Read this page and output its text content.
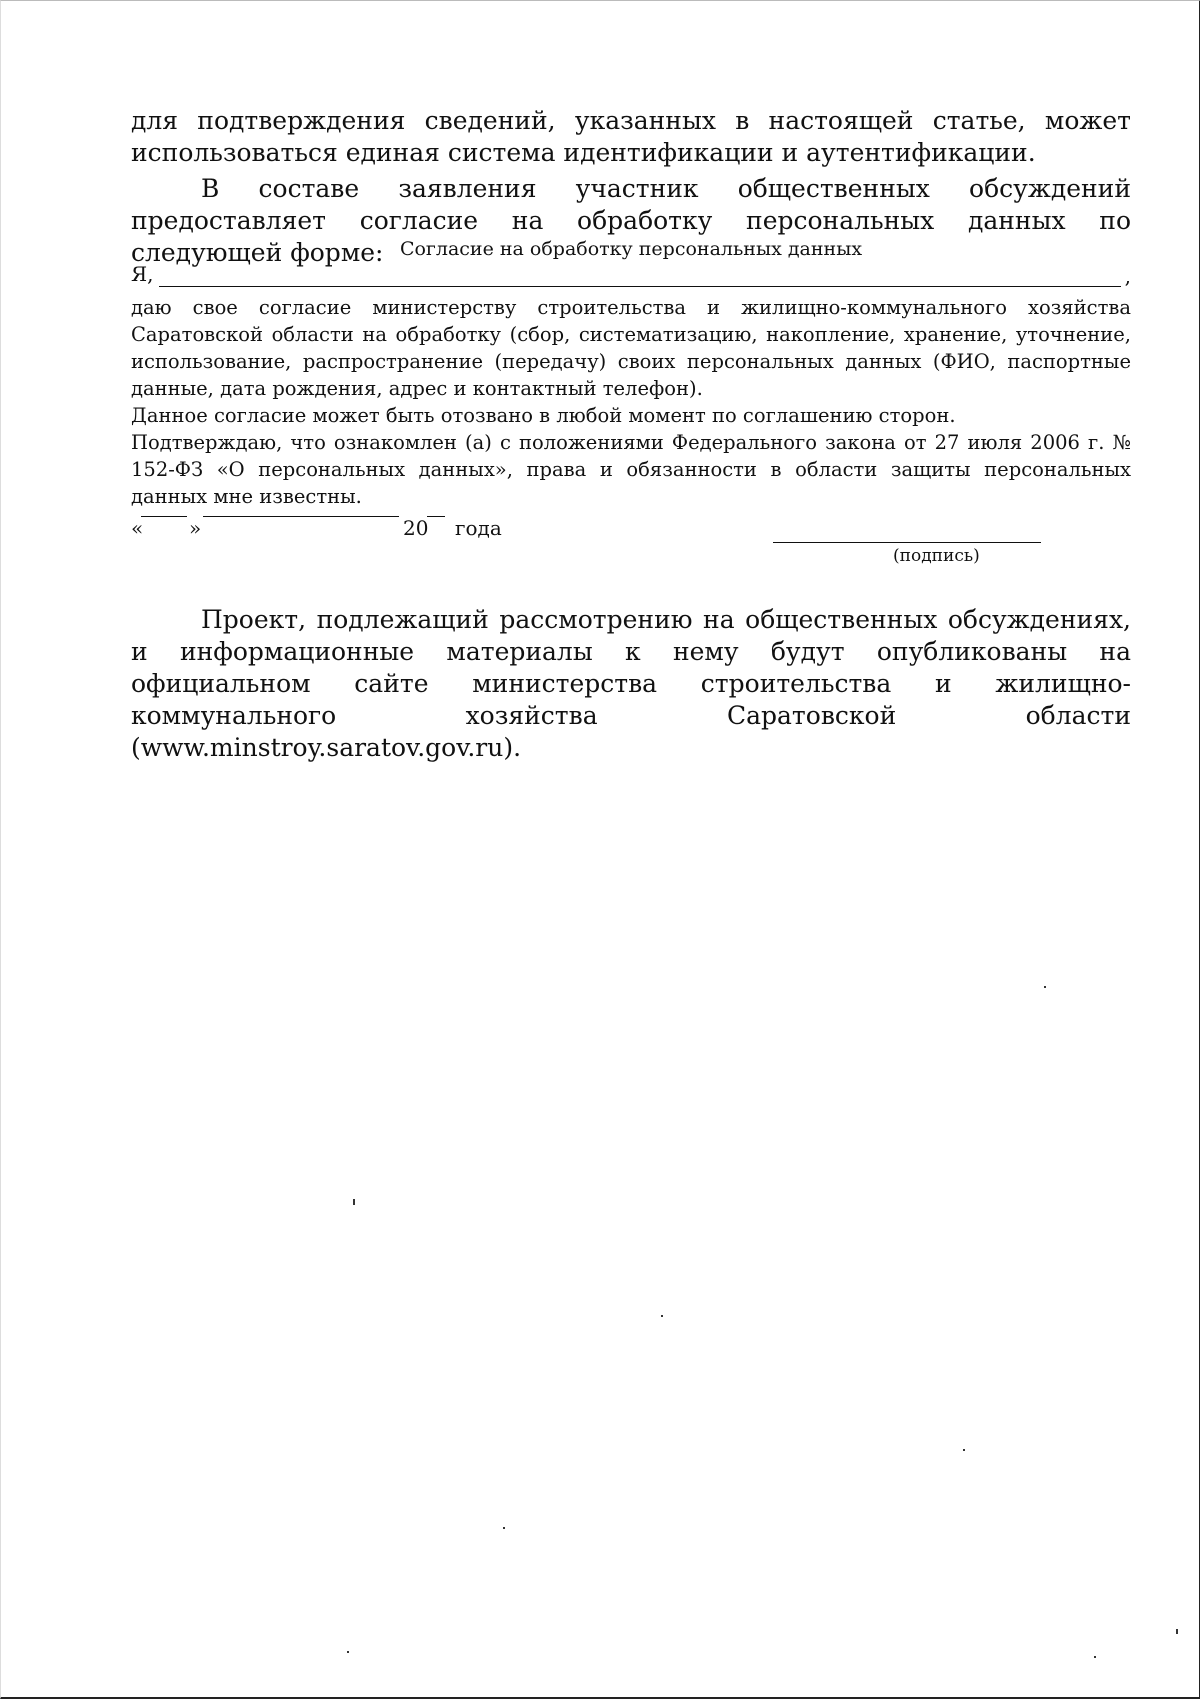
для подтверждения сведений, указанных в настоящей статье, может

использоваться единая система идентификации и аутентификации.

В составе заявления участник общественных обсуждений предоставляет согласие на обработку персональных данных по следующей форме: Согласие на обработку персональных данных

Я,	,

даю свое согласие министерству строительства и жилищно-коммунального хозяйства Саратовской области на обработку (сбор, систематизацию, накопление, хранение, уточнение, использование, распространение (передачу) своих персональных данных (ФИО, паспортные данные, дата рождения, адрес и контактный телефон).

Данное согласие может быть отозвано в любой момент по соглашению сторон.

Подтверждаю, что ознакомлен (а) с положениями Федерального закона от 27 июля 2006 г. № 152-ФЗ «О персональных данных», права и обязанности в области защиты персональных данных мне известны.

« »	20 года
(подпись)

Проект, подлежащий рассмотрению на общественных обсуждениях, и информационные материалы к нему будут опубликованы на официальном сайте министерства строительства и жилищно-коммунального хозяйства Саратовской области (www.minstroy.saratov.gov.ru).
